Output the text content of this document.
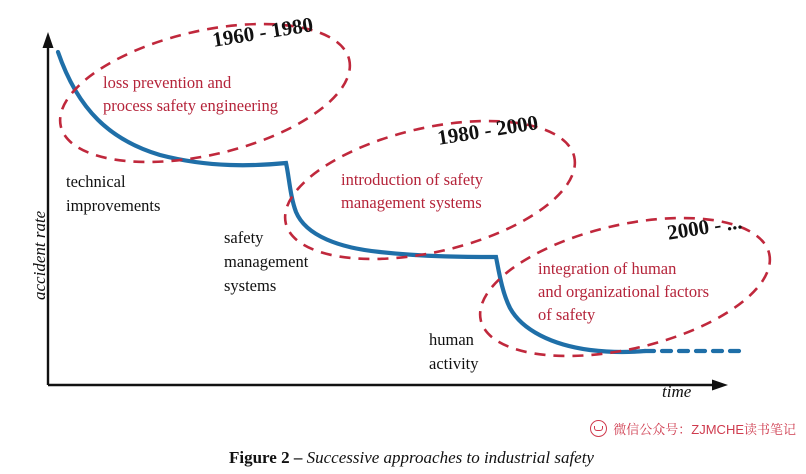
accident rate
time
1960 - 1980
1980 - 2000
2000 - ...
loss prevention and
process safety engineering
introduction of safety
management systems
integration of human
and organizational factors
of safety
technical
improvements
safety
management
systems
human
activity
微信公众号：ZJMCHE读书笔记

Figure 2 – Successive approaches to industrial safety
